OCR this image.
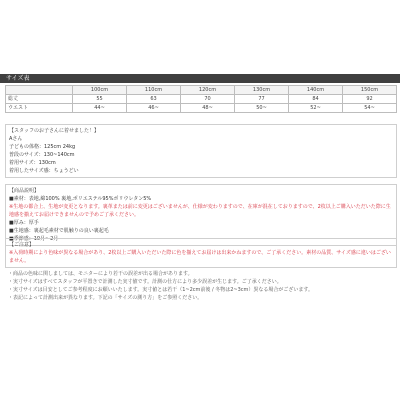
サイズ表
	100cm	110cm	120cm	130cm	140cm	150cm
総丈	55	63	70	77	84	92
ウエスト	44~	46~	48~	50~	52~	54~
【スタッフのお子さんに着せました！】
Aさん
子どもの体格：125cm 24kg
普段のサイズ：130~140cm
着用サイズ：130cm
着用したサイズ感：ちょうどい
【商品説明】
■素材：表地,綿100% 裏地,ポリエステル95%ポリウレタン5%
※生地の都合上、生地が変更となります。裏革または前に変更はございませんが、仕様が変わりますので、在庫が混在しておりますので、2枚以上ご購入いただいた際に生地感を揃えてお届けできませんので予めご了承ください。
■厚み：厚手
■生地感：裏起毛素材で肌触りの良い裏起毛
■季節感：10月～2月
【ご注意】
※入荷時期により色味が異なる場合があり、2枚以上ご購入いただいた際に色を揃えてお届けは出来かねますので、ご了承ください。素材の品質、サイズ感に違いはございません。
・商品の色味に関しましては、モニターにより若干の誤差が出る場合があります。
・実寸サイズはすべてスタッフが平置きで計測した実寸値です。計測の仕方により多少誤差が生じます。ご了承ください。
・実寸サイズは目安としてご参考程度にお願いいたします。実寸値とは若干（1~2cm前後 / 冬物は2~3cm）異なる場合がございます。
・表記によって計測出来が異なります。下記の「サイズの測り方」をご参照ください。
